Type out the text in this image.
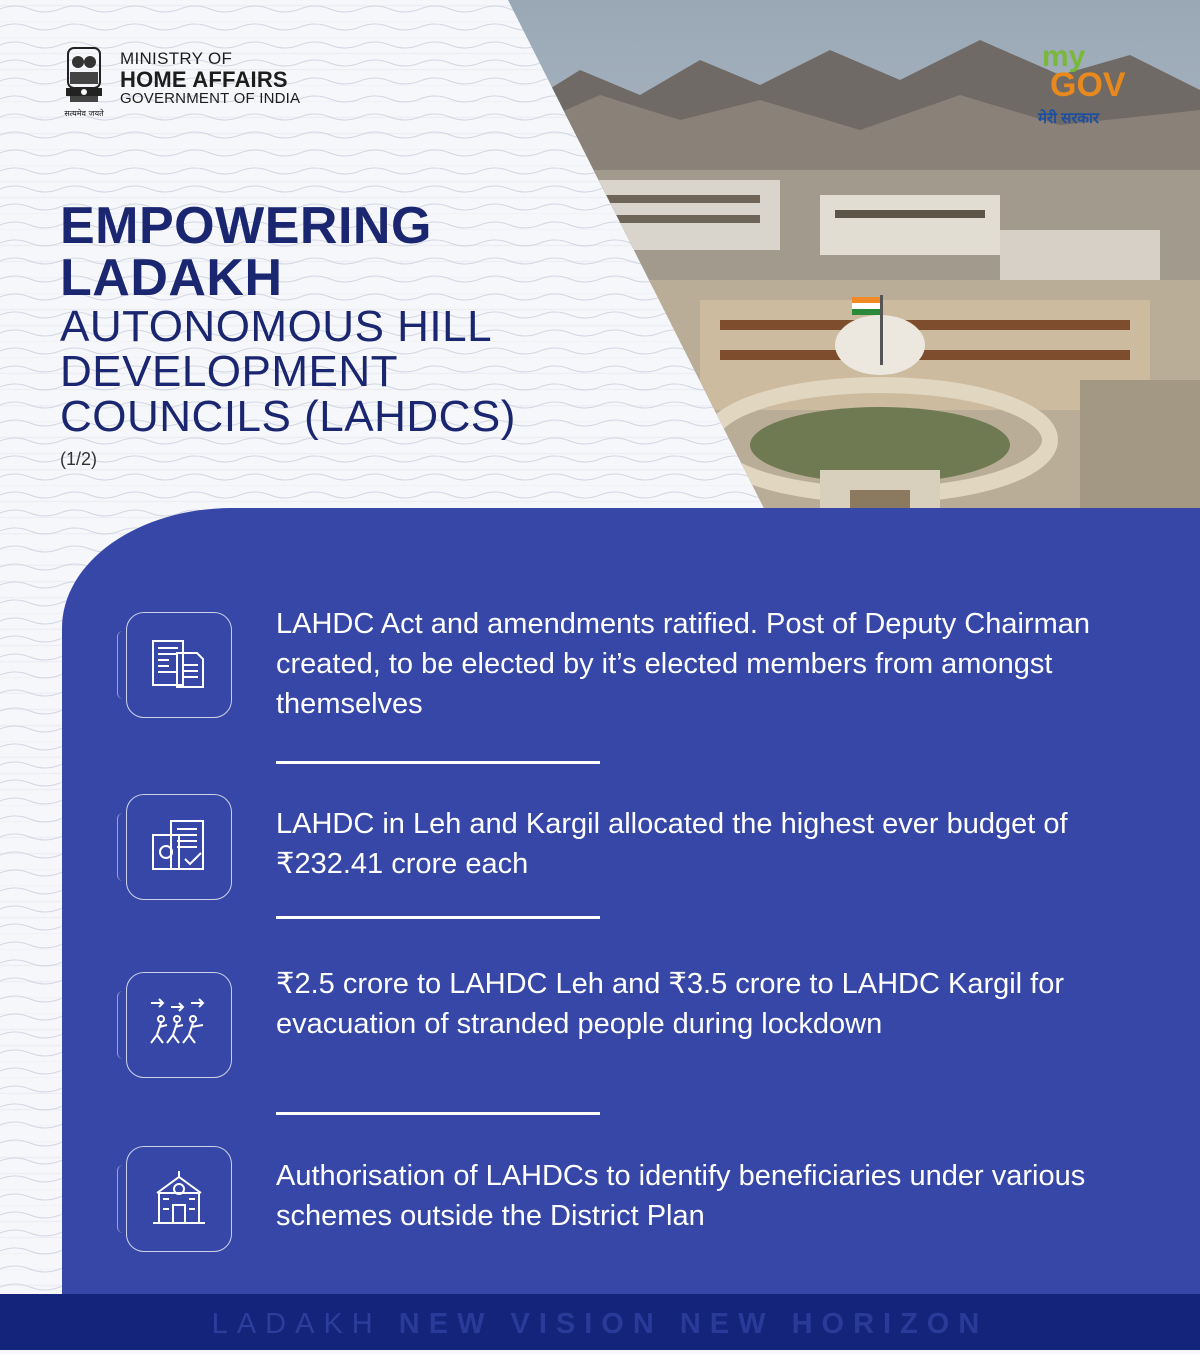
सत्यमेव जयते
MINISTRY OF
HOME AFFAIRS
GOVERNMENT OF INDIA
my
GOV
मेरी सरकार
EMPOWERING
LADAKH
AUTONOMOUS HILL
DEVELOPMENT
COUNCILS (LAHDCS)
(1/2)
LAHDC Act and amendments ratified. Post of Deputy Chairman created, to be elected by it’s elected members from amongst themselves
LAHDC in Leh and Kargil allocated the highest ever budget of ₹232.41 crore each
₹2.5 crore to LAHDC Leh and ₹3.5 crore to LAHDC Kargil for evacuation of stranded people during lockdown
Authorisation of LAHDCs to identify beneficiaries under various schemes outside the District Plan
LADAKH NEW VISION NEW HORIZON
